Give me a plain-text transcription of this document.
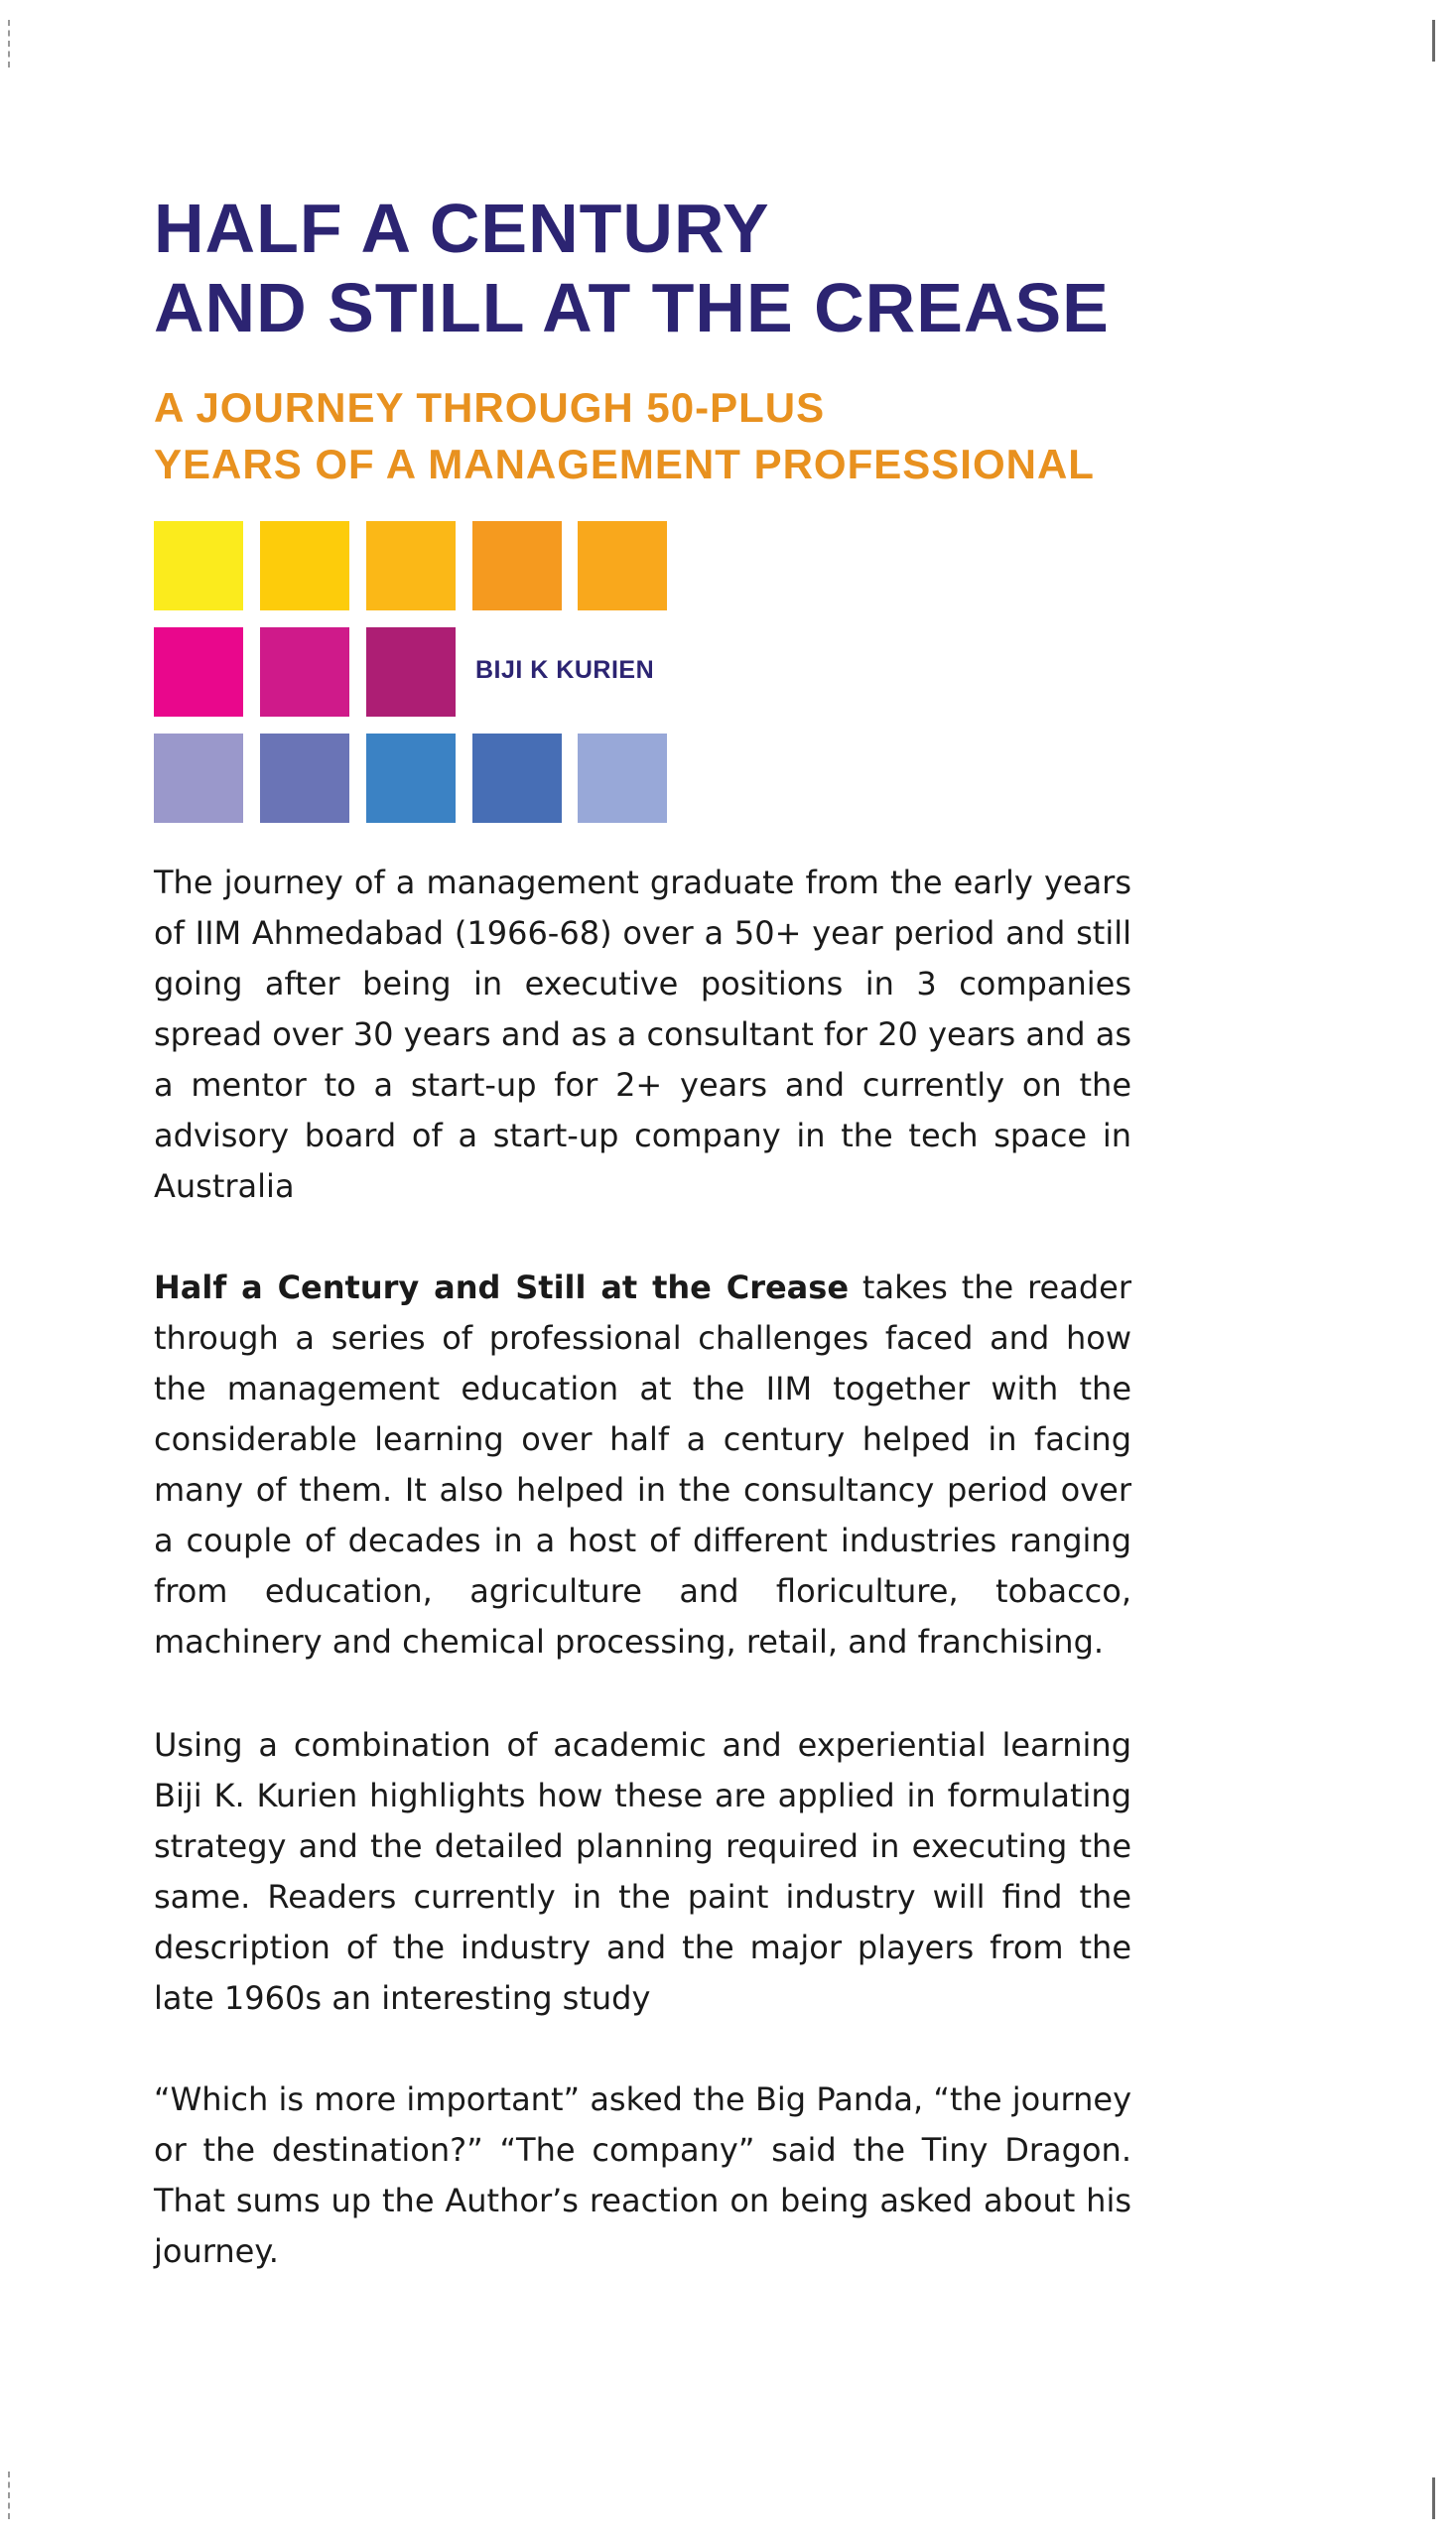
HALF A CENTURY
AND STILL AT THE CREASE
A JOURNEY THROUGH 50-PLUS
YEARS OF A MANAGEMENT PROFESSIONAL
BIJI K KURIEN

The journey of a management graduate from the early years of IIM Ahmedabad (1966-68) over a 50+ year period and still going after being in executive positions in 3 companies spread over 30 years and as a consultant for 20 years and as a mentor to a start-up for 2+ years and currently on the advisory board of a start-up company in the tech space in Australia

Half a Century and Still at the Crease takes the reader through a series of professional challenges faced and how the management education at the IIM together with the considerable learning over half a century helped in facing many of them. It also helped in the consultancy period over a couple of decades in a host of different industries ranging from education, agriculture and floriculture, tobacco, machinery and chemical processing, retail, and franchising.

Using a combination of academic and experiential learning Biji K. Kurien highlights how these are applied in formulating strategy and the detailed planning required in executing the same. Readers currently in the paint industry will find the description of the industry and the major players from the late 1960s an interesting study

“Which is more important” asked the Big Panda, “the journey or the destination?” “The company” said the Tiny Dragon. That sums up the Author’s reaction on being asked about his journey.
